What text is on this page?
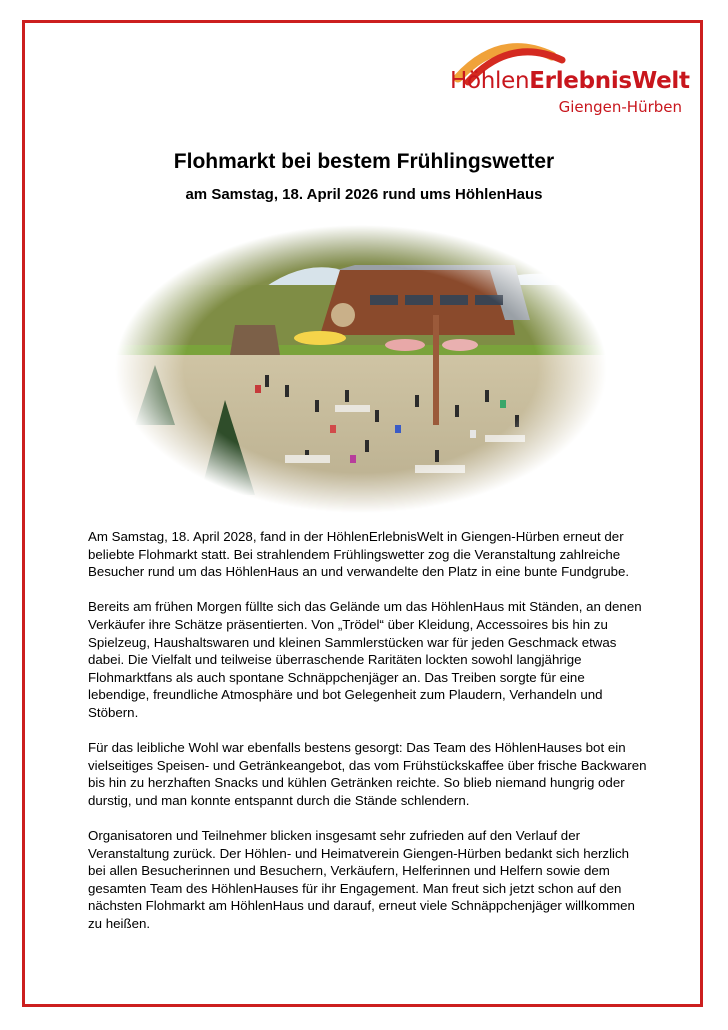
HöhlenErlebnisWelt
Giengen-Hürben
Flohmarkt bei bestem Frühlingswetter
am Samstag, 18. April 2026 rund ums HöhlenHaus

Am Samstag, 18. April 2028, fand in der HöhlenErlebnisWelt in Giengen-Hürben erneut der beliebte Flohmarkt statt. Bei strahlendem Frühlingswetter zog die Veranstaltung zahlreiche Besucher rund um das HöhlenHaus an und verwandelte den Platz in eine bunte Fundgrube.

Bereits am frühen Morgen füllte sich das Gelände um das HöhlenHaus mit Ständen, an denen Verkäufer ihre Schätze präsentierten. Von „Trödel“ über Kleidung, Accessoires bis hin zu Spielzeug, Haushaltswaren und kleinen Sammlerstücken war für jeden Geschmack etwas dabei. Die Vielfalt und teilweise überraschende Raritäten lockten sowohl langjährige Flohmarktfans als auch spontane Schnäppchenjäger an. Das Treiben sorgte für eine lebendige, freundliche Atmosphäre und bot Gelegenheit zum Plaudern, Verhandeln und Stöbern.

Für das leibliche Wohl war ebenfalls bestens gesorgt: Das Team des HöhlenHauses bot ein vielseitiges Speisen- und Getränkeangebot, das vom Frühstückskaffee über frische Backwaren bis hin zu herzhaften Snacks und kühlen Getränken reichte. So blieb niemand hungrig oder durstig, und man konnte entspannt durch die Stände schlendern.

Organisatoren und Teilnehmer blicken insgesamt sehr zufrieden auf den Verlauf der Veranstaltung zurück. Der Höhlen- und Heimatverein Giengen-Hürben bedankt sich herzlich bei allen Besucherinnen und Besuchern, Verkäufern, Helferinnen und Helfern sowie dem gesamten Team des HöhlenHauses für ihr Engagement. Man freut sich jetzt schon auf den nächsten Flohmarkt am HöhlenHaus und darauf, erneut viele Schnäppchenjäger willkommen zu heißen.
